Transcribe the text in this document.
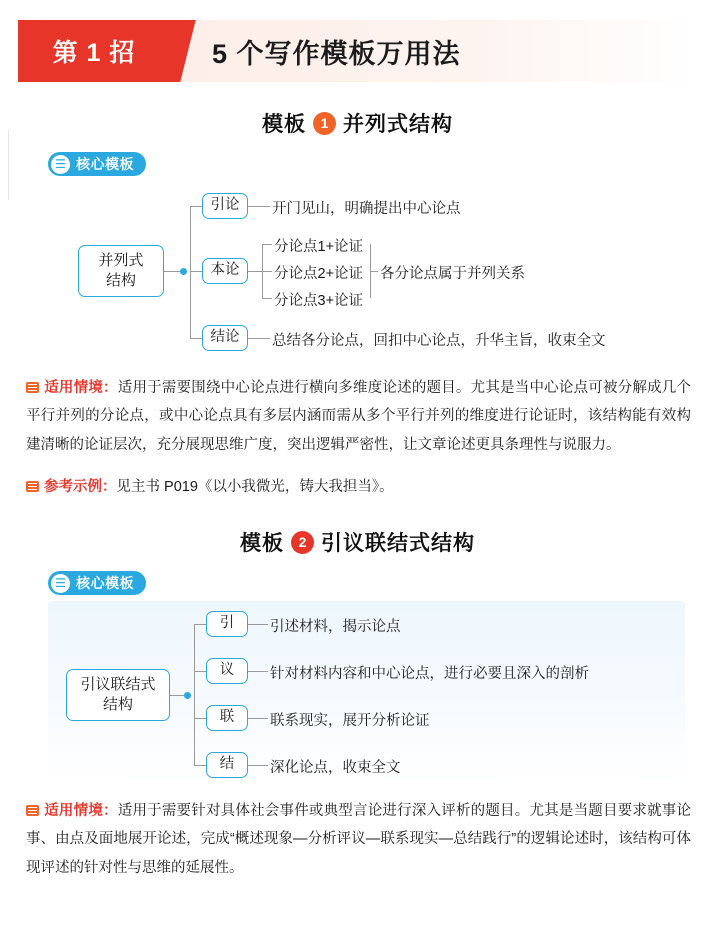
第 1 招	5 个写作模板万用法
模板	1 并列式结构
☰ 核心模板
并列式
结构
引论	开门见山，明确提出中心论点
本论
分论点1+论证
分论点2+论证
分论点3+论证
各分论点属于并列关系
结论	总结各分论点，回扣中心论点，升华主旨，收束全文
适用情境：适用于需要围绕中心论点进行横向多维度论述的题目。尤其是当中心论点可被分解成几个平行并列的分论点，或中心论点具有多层内涵而需从多个平行并列的维度进行论证时，该结构能有效构建清晰的论证层次，充分展现思维广度，突出逻辑严密性，让文章论述更具条理性与说服力。
参考示例：见主书 P019《以小我微光，铸大我担当》。
模板	2 引议联结式结构
☰ 核心模板
引议联结式
结构
引	引述材料，揭示论点
议	针对材料内容和中心论点，进行必要且深入的剖析
联	联系现实，展开分析论证
结	深化论点，收束全文
适用情境：适用于需要针对具体社会事件或典型言论进行深入评析的题目。尤其是当题目要求就事论事、由点及面地展开论述，完成“概述现象—分析评议—联系现实—总结践行”的逻辑论述时，该结构可体现评述的针对性与思维的延展性。
